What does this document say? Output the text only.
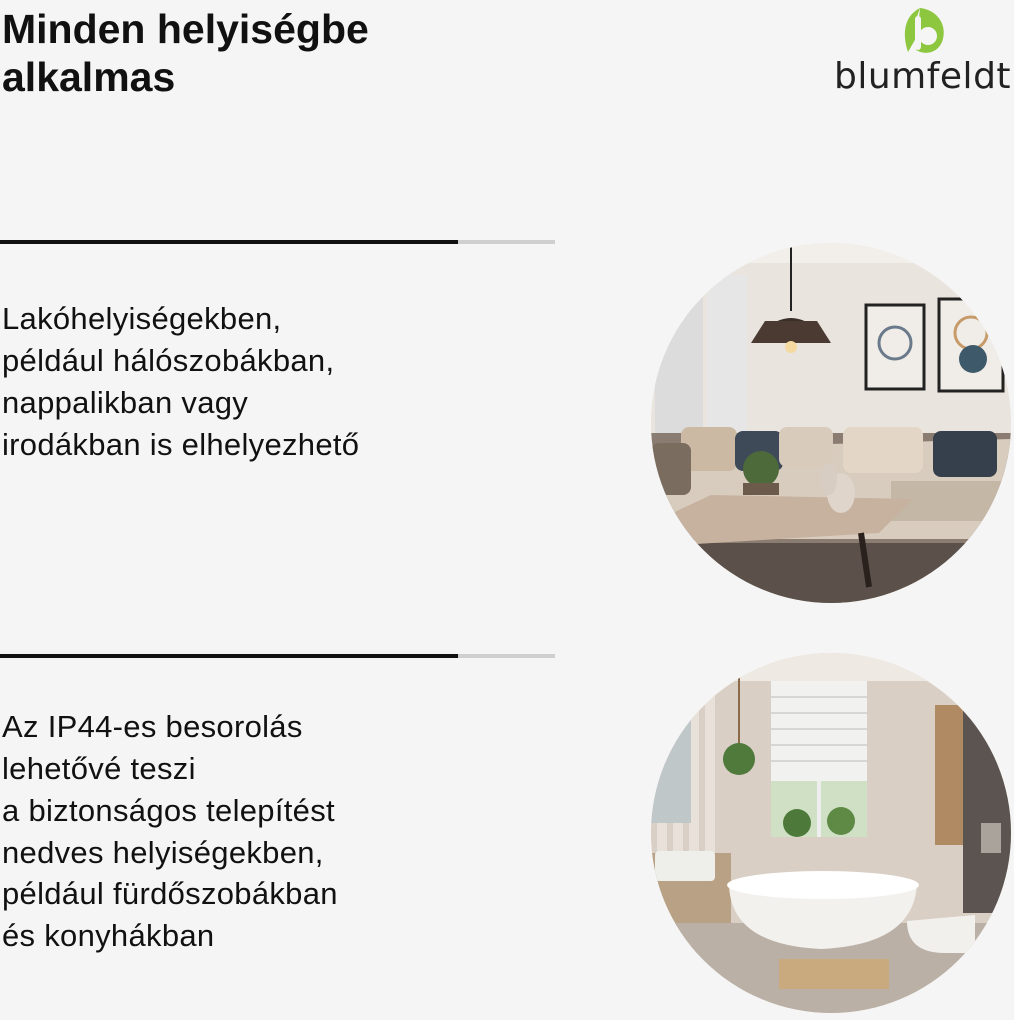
Minden helyiségbe
alkalmas	blumfeldt
Lakóhelyiségekben,
például hálószobákban,
nappalikban vagy
irodákban is elhelyezhető
Az IP44-es besorolás
lehetővé teszi
a biztonságos telepítést
nedves helyiségekben,
például fürdőszobákban
és konyhákban
